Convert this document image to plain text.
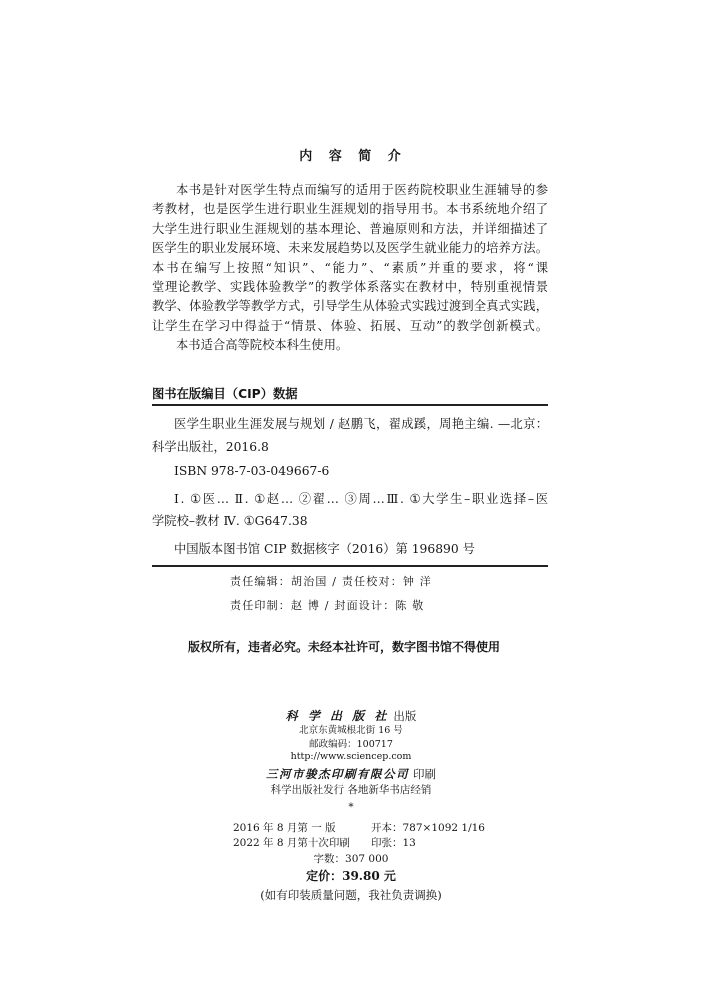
内 容 简 介
本书是针对医学生特点而编写的适用于医药院校职业生涯辅导的参
考教材，也是医学生进行职业生涯规划的指导用书。本书系统地介绍了
大学生进行职业生涯规划的基本理论、普遍原则和方法，并详细描述了
医学生的职业发展环境、未来发展趋势以及医学生就业能力的培养方法。
本书在编写上按照“知识”、“能力”、“素质”并重的要求，将“课
堂理论教学、实践体验教学”的教学体系落实在教材中，特别重视情景
教学、体验教学等教学方式，引导学生从体验式实践过渡到全真式实践，
让学生在学习中得益于“情景、体验、拓展、互动”的教学创新模式。
本书适合高等院校本科生使用。
图书在版编目（CIP）数据
医学生职业生涯发展与规划 / 赵鹏飞，翟成蹊，周艳主编. —北京：
科学出版社，2016.8
ISBN 978-7-03-049667-6
Ⅰ. ①医… Ⅱ. ①赵… ②翟… ③周…Ⅲ. ①大学生–职业选择–医
学院校–教材 Ⅳ. ①G647.38
中国版本图书馆 CIP 数据核字（2016）第 196890 号
责任编辑：胡治国 / 责任校对：钟 洋
责任印制：赵 博 / 封面设计：陈 敬
版权所有，违者必究。未经本社许可，数字图书馆不得使用
科 学 出 版 社 出版
北京东黄城根北街 16 号
邮政编码：100717
http://www.sciencep.com
三河市骏杰印刷有限公司 印刷
科学出版社发行 各地新华书店经销
*
2016 年 8 月第 一 版	开本：787×1092 1/16
2022 年 8 月第十次印刷 印张：13
字数：307 000
定价：39.80 元
(如有印装质量问题，我社负责调换)
